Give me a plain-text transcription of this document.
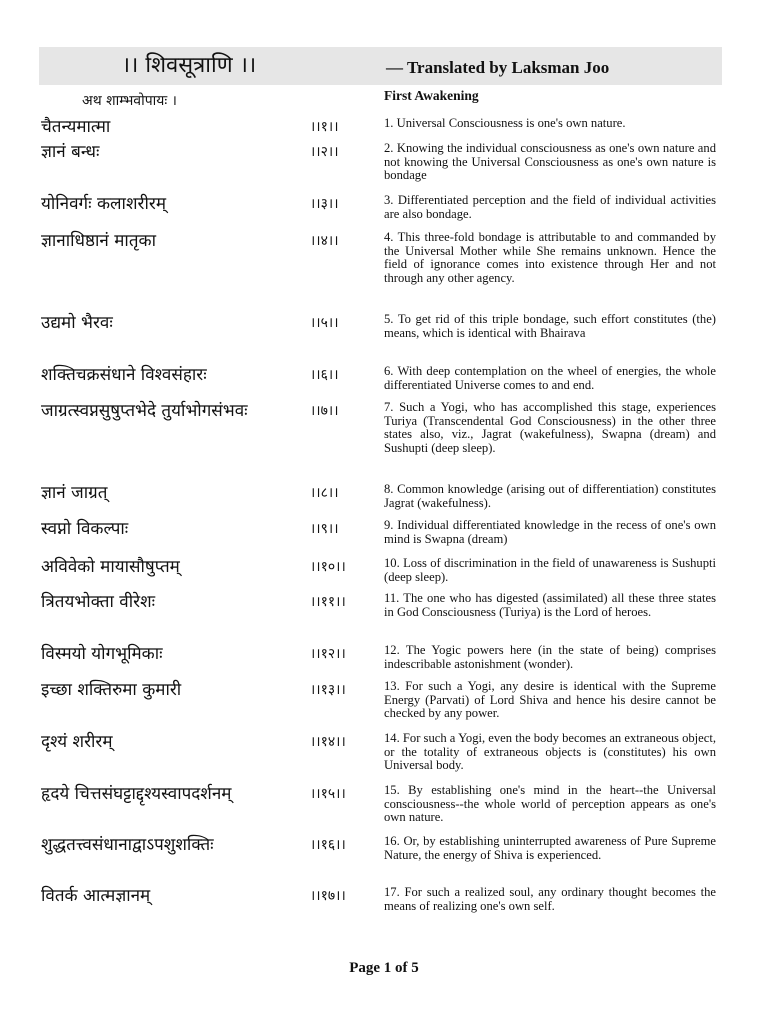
।। शिवसूत्राणि ।।	— Translated by Laksman Joo
अथ शाम्भवोपायः ।	First Awakening
चैतन्यमात्मा	।।१।।	1. Universal Consciousness is one's own nature.
ज्ञानं बन्धः	।।२।।	2. Knowing the individual consciousness as one's own nature and not knowing the Universal Consciousness as one's own nature is bondage
योनिवर्गः कलाशरीरम्	।।३।।	3. Differentiated perception and the field of individual activities are also bondage.
ज्ञानाधिष्ठानं मातृका	।।४।।	4. This three-fold bondage is attributable to and commanded by the Universal Mother while She remains unknown. Hence the field of ignorance comes into existence through Her and not through any other agency.
उद्यमो भैरवः	।।५।।	5. To get rid of this triple bondage, such effort constitutes (the) means, which is identical with Bhairava
शक्तिचक्रसंधाने विश्वसंहारः	।।६।।	6. With deep contemplation on the wheel of energies, the whole differentiated Universe comes to and end.
जाग्रत्स्वप्नसुषुप्तभेदे तुर्याभोगसंभवः	।।७।।	7. Such a Yogi, who has accomplished this stage, experiences Turiya (Transcendental God Consciousness) in the other three states also, viz., Jagrat (wakefulness), Swapna (dream) and Sushupti (deep sleep).
ज्ञानं जाग्रत्	।।८।।	8. Common knowledge (arising out of differentiation) constitutes Jagrat (wakefulness).
स्वप्नो विकल्पाः	।।९।।	9. Individual differentiated knowledge in the recess of one's own mind is Swapna (dream)
अविवेको मायासौषुप्तम्	।।१०।।	10. Loss of discrimination in the field of unawareness is Sushupti (deep sleep).
त्रितयभोक्ता वीरेशः	।।११।।	11. The one who has digested (assimilated) all these three states in God Consciousness (Turiya) is the Lord of heroes.
विस्मयो योगभूमिकाः	।।१२।।	12. The Yogic powers here (in the state of being) comprises indescribable astonishment (wonder).
इच्छा शक्तिरुमा कुमारी	।।१३।।	13. For such a Yogi, any desire is identical with the Supreme Energy (Parvati) of Lord Shiva and hence his desire cannot be checked by any power.
दृश्यं शरीरम्	।।१४।।	14. For such a Yogi, even the body becomes an extraneous object, or the totality of extraneous objects is (constitutes) his own Universal body.
हृदये चित्तसंघट्टाद्दृश्यस्वापदर्शनम्	।।१५।।	15. By establishing one's mind in the heart--the Universal consciousness--the whole world of perception appears as one's own nature.
शुद्धतत्त्वसंधानाद्वाऽपशुशक्तिः	।।१६।।	16. Or, by establishing uninterrupted awareness of Pure Supreme Nature, the energy of Shiva is experienced.
वितर्क आत्मज्ञानम्	।।१७।।	17. For such a realized soul, any ordinary thought becomes the means of realizing one's own self.
Page 1 of 5
